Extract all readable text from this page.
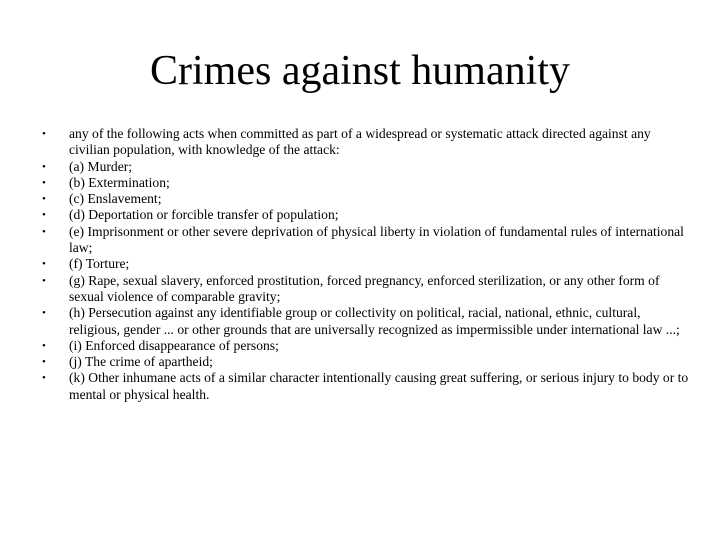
Crimes against humanity
• any of the following acts when committed as part of a widespread or systematic attack directed against any civilian population, with knowledge of the attack:
• (a) Murder;
• (b) Extermination;
• (c) Enslavement;
• (d) Deportation or forcible transfer of population;
• (e) Imprisonment or other severe deprivation of physical liberty in violation of fundamental rules of international law;
• (f) Torture;
• (g) Rape, sexual slavery, enforced prostitution, forced pregnancy, enforced sterilization, or any other form of sexual violence of comparable gravity;
• (h) Persecution against any identifiable group or collectivity on political, racial, national, ethnic, cultural, religious, gender ... or other grounds that are universally recognized as impermissible under international law ...;
• (i) Enforced disappearance of persons;
• (j) The crime of apartheid;
• (k) Other inhumane acts of a similar character intentionally causing great suffering, or serious injury to body or to mental or physical health.
